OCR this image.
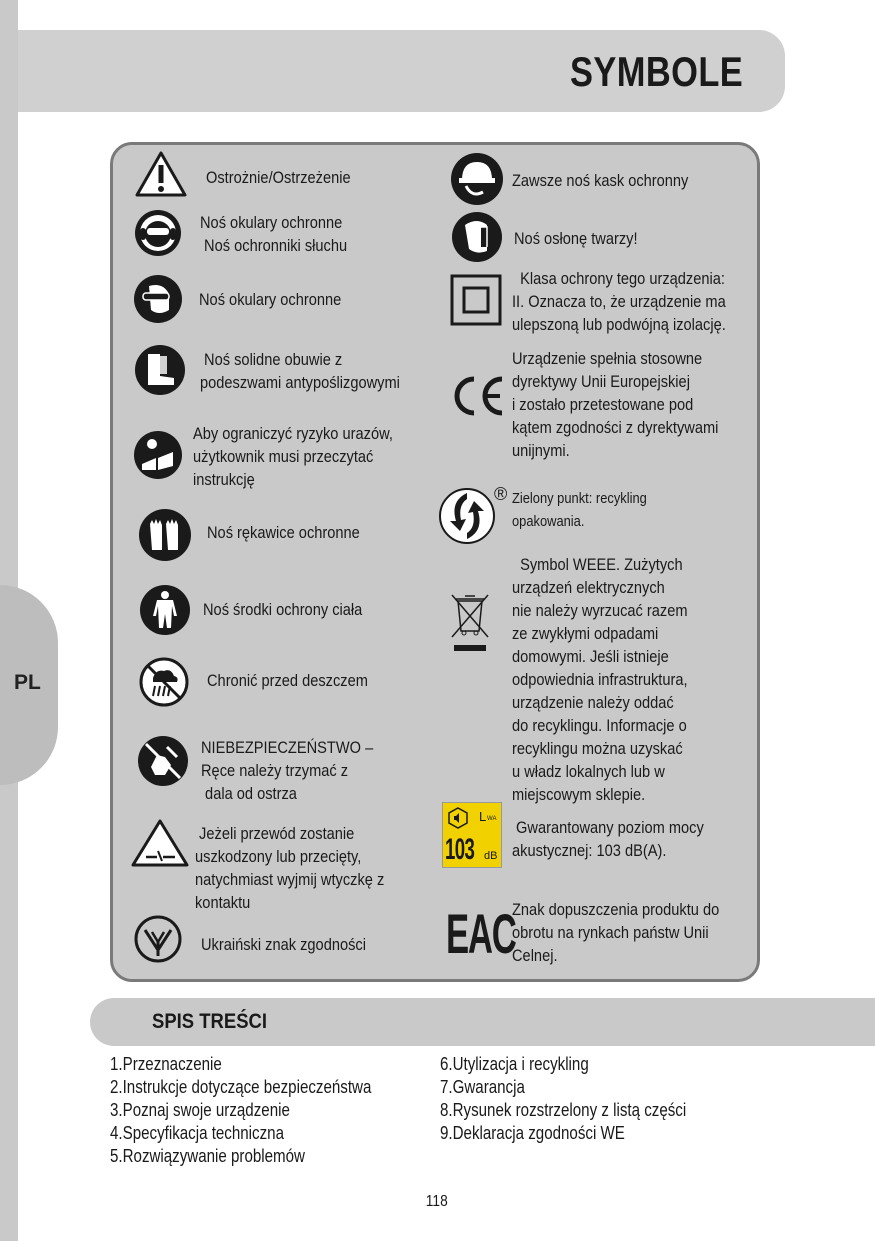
PL
SYMBOLE
Ostrożnie/Ostrzeżenie
Noś okulary ochronne
Noś ochronniki słuchu
Noś okulary ochronne
Noś solidne obuwie z
podeszwami antypoślizgowymi
Aby ograniczyć ryzyko urazów,
użytkownik musi przeczytać
instrukcję
Noś rękawice ochronne
Noś środki ochrony ciała
Chronić przed deszczem
NIEBEZPIECZEŃSTWO –
Ręce należy trzymać z
dala od ostrza
Jeżeli przewód zostanie
uszkodzony lub przecięty,
natychmiast wyjmij wtyczkę z
kontaktu
Ukraiński znak zgodności
Zawsze noś kask ochronny
Noś osłonę twarzy!
Klasa ochrony tego urządzenia:
II. Oznacza to, że urządzenie ma
ulepszoną lub podwójną izolację.
Urządzenie spełnia stosowne
dyrektywy Unii Europejskiej
i zostało przetestowane pod
kątem zgodności z dyrektywami
unijnymi.
® Zielony punkt: recykling
opakowania.
Symbol WEEE. Zużytych
urządzeń elektrycznych
nie należy wyrzucać razem
ze zwykłymi odpadami
domowymi. Jeśli istnieje
odpowiednia infrastruktura,
urządzenie należy oddać
do recyklingu. Informacje o
recyklingu można uzyskać
u władz lokalnych lub w
miejscowym sklepie.
L WA
103 dB
Gwarantowany poziom mocy
akustycznej: 103 dB(A).
EAC
Znak dopuszczenia produktu do
obrotu na rynkach państw Unii
Celnej.
SPIS TREŚCI
1.Przeznaczenie
2.Instrukcje dotyczące bezpieczeństwa
3.Poznaj swoje urządzenie
4.Specyfikacja techniczna
5.Rozwiązywanie problemów
6.Utylizacja i recykling
7.Gwarancja
8.Rysunek rozstrzelony z listą części
9.Deklaracja zgodności WE
118
